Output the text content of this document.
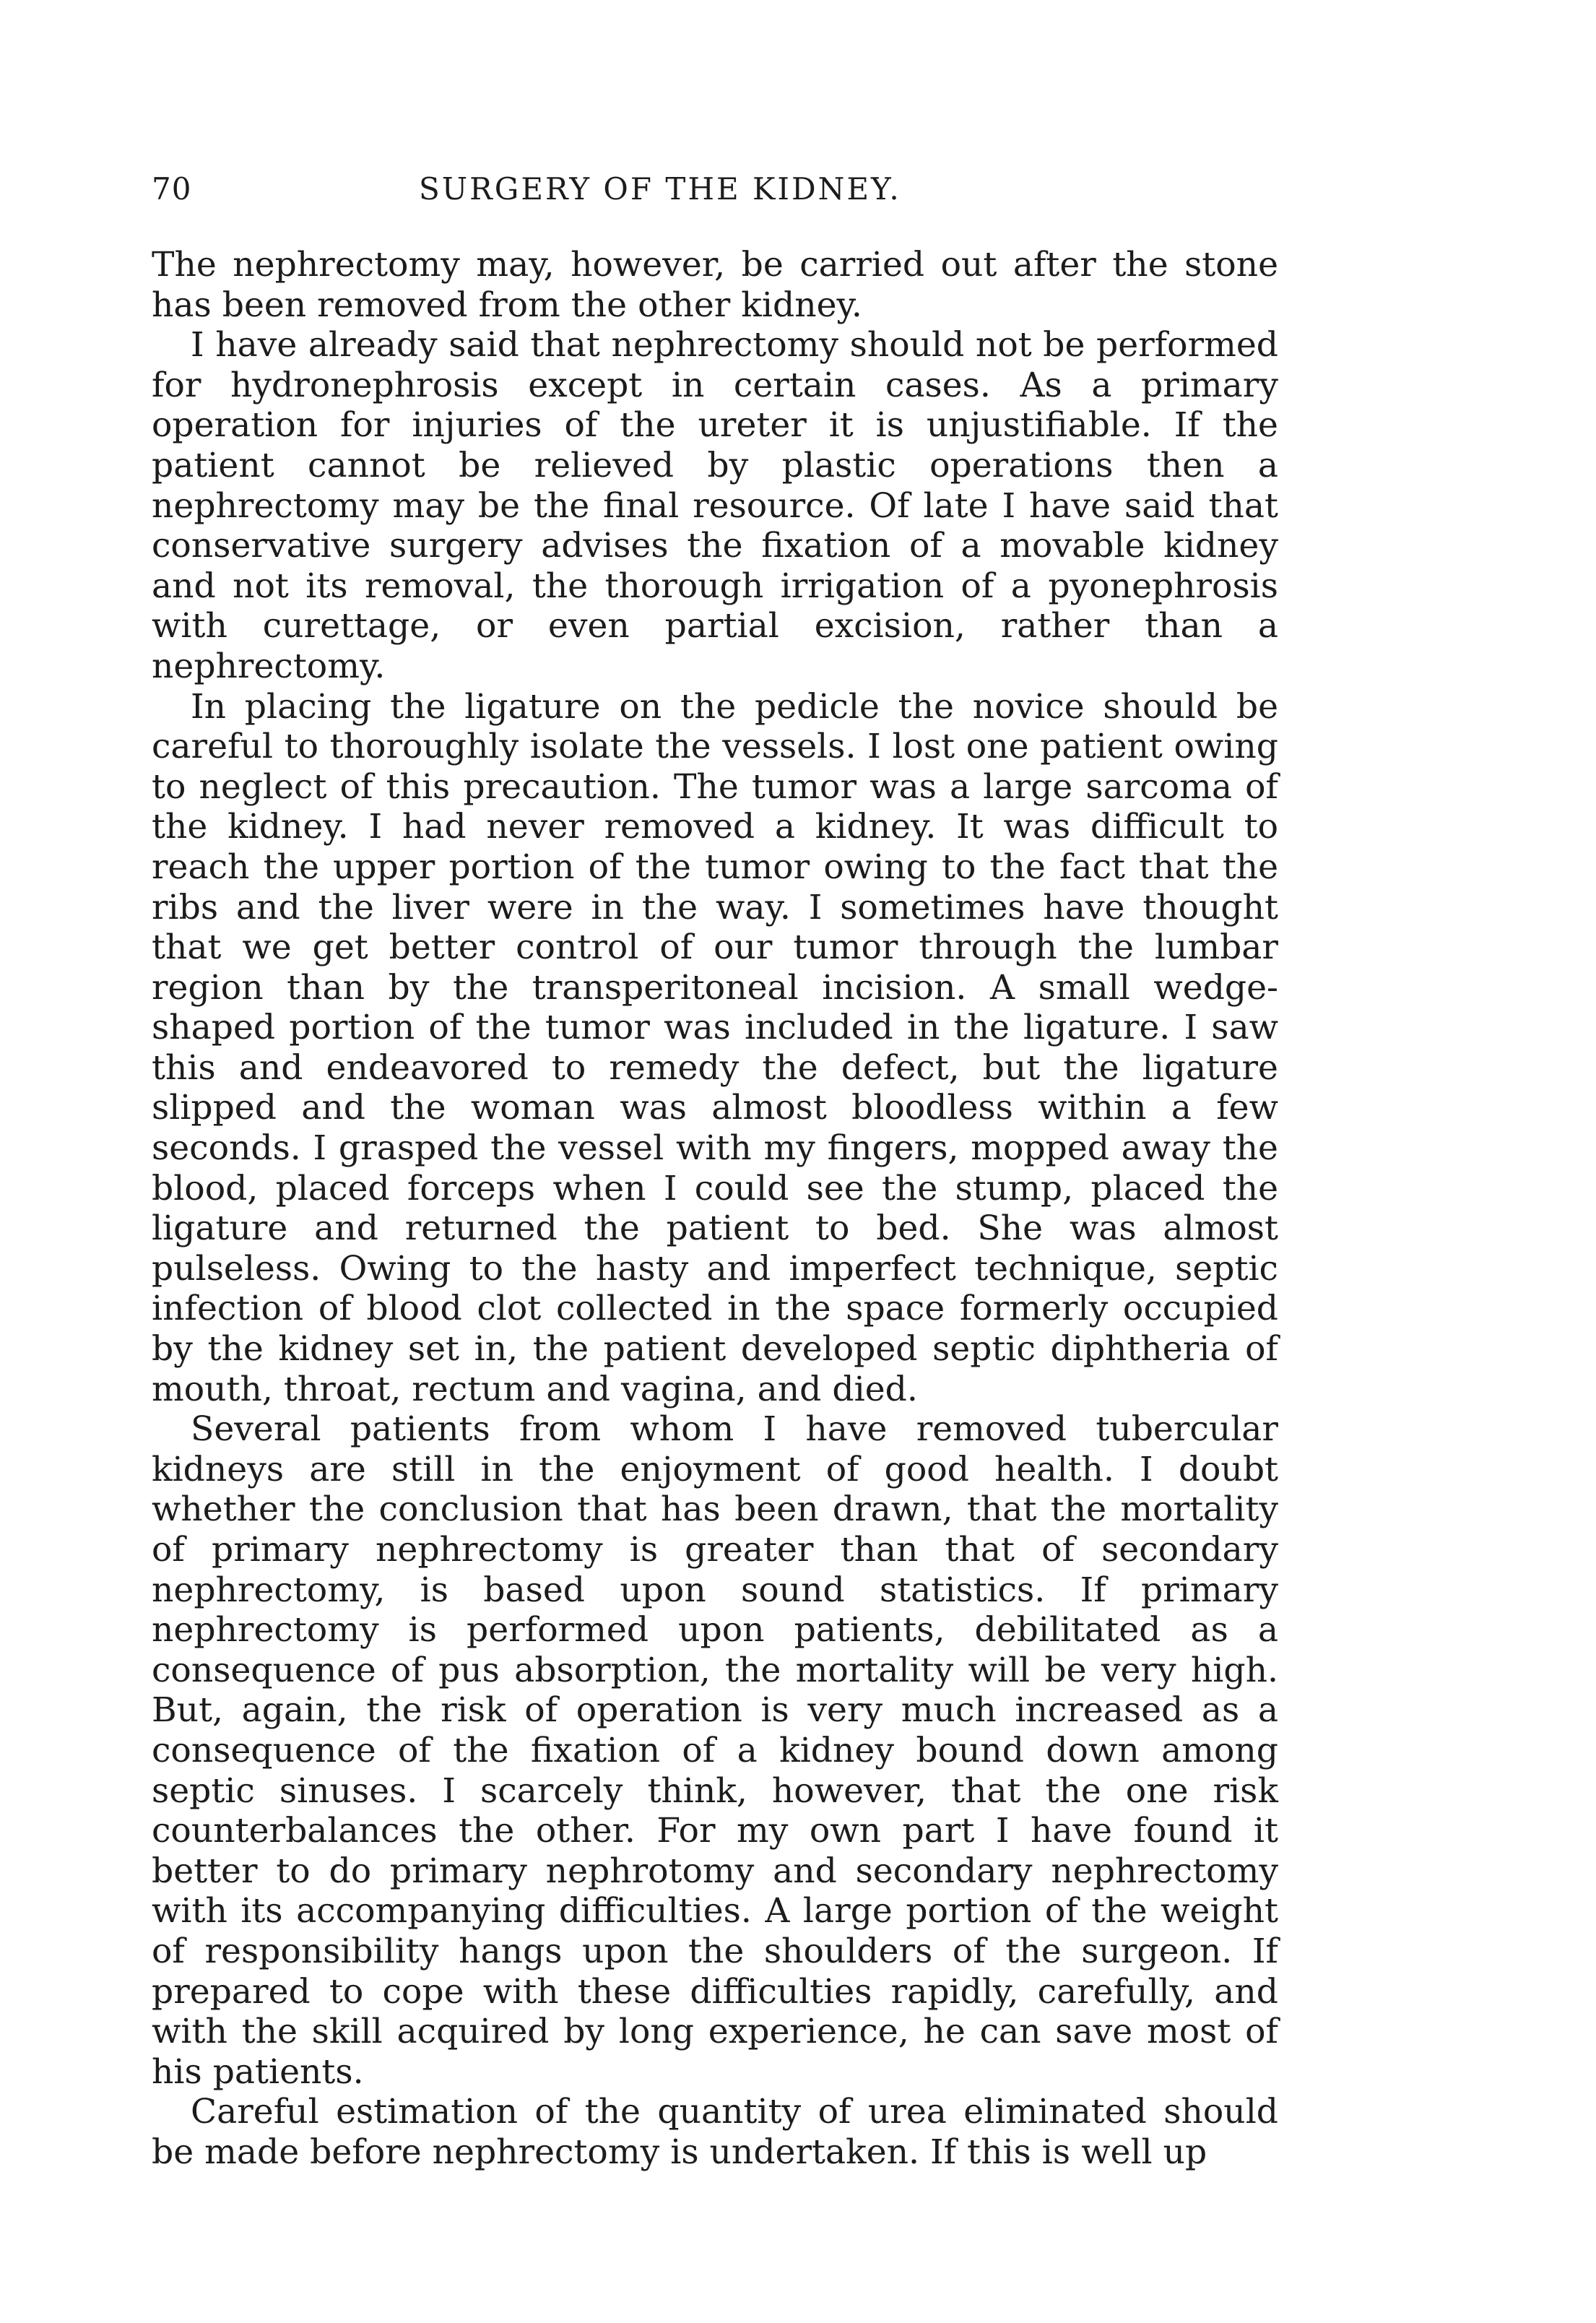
70	SURGERY OF THE KIDNEY.

The nephrectomy may, however, be carried out after the stone has been removed from the other kidney.

I have already said that nephrectomy should not be performed for hydronephrosis except in certain cases. As a primary operation for injuries of the ureter it is unjustifiable. If the patient cannot be relieved by plastic operations then a nephrectomy may be the final resource. Of late I have said that conservative surgery advises the fixation of a movable kidney and not its removal, the thorough irrigation of a pyonephrosis with curettage, or even partial excision, rather than a nephrectomy.

In placing the ligature on the pedicle the novice should be careful to thoroughly isolate the vessels. I lost one patient owing to neglect of this precaution. The tumor was a large sarcoma of the kidney. I had never removed a kidney. It was difficult to reach the upper portion of the tumor owing to the fact that the ribs and the liver were in the way. I sometimes have thought that we get better control of our tumor through the lumbar region than by the transperitoneal incision. A small wedge-shaped portion of the tumor was included in the ligature. I saw this and endeavored to remedy the defect, but the ligature slipped and the woman was almost bloodless within a few seconds. I grasped the vessel with my fingers, mopped away the blood, placed forceps when I could see the stump, placed the ligature and returned the patient to bed. She was almost pulseless. Owing to the hasty and imperfect technique, septic infection of blood clot collected in the space formerly occupied by the kidney set in, the patient developed septic diphtheria of mouth, throat, rectum and vagina, and died.

Several patients from whom I have removed tubercular kidneys are still in the enjoyment of good health. I doubt whether the conclusion that has been drawn, that the mortality of primary nephrectomy is greater than that of secondary nephrectomy, is based upon sound statistics. If primary nephrectomy is performed upon patients, debilitated as a consequence of pus absorption, the mortality will be very high. But, again, the risk of operation is very much increased as a consequence of the fixation of a kidney bound down among septic sinuses. I scarcely think, however, that the one risk counterbalances the other. For my own part I have found it better to do primary nephrotomy and secondary nephrectomy with its accompanying difficulties. A large portion of the weight of responsibility hangs upon the shoulders of the surgeon. If prepared to cope with these difficulties rapidly, carefully, and with the skill acquired by long experience, he can save most of his patients.

Careful estimation of the quantity of urea eliminated should be made before nephrectomy is undertaken. If this is well up
